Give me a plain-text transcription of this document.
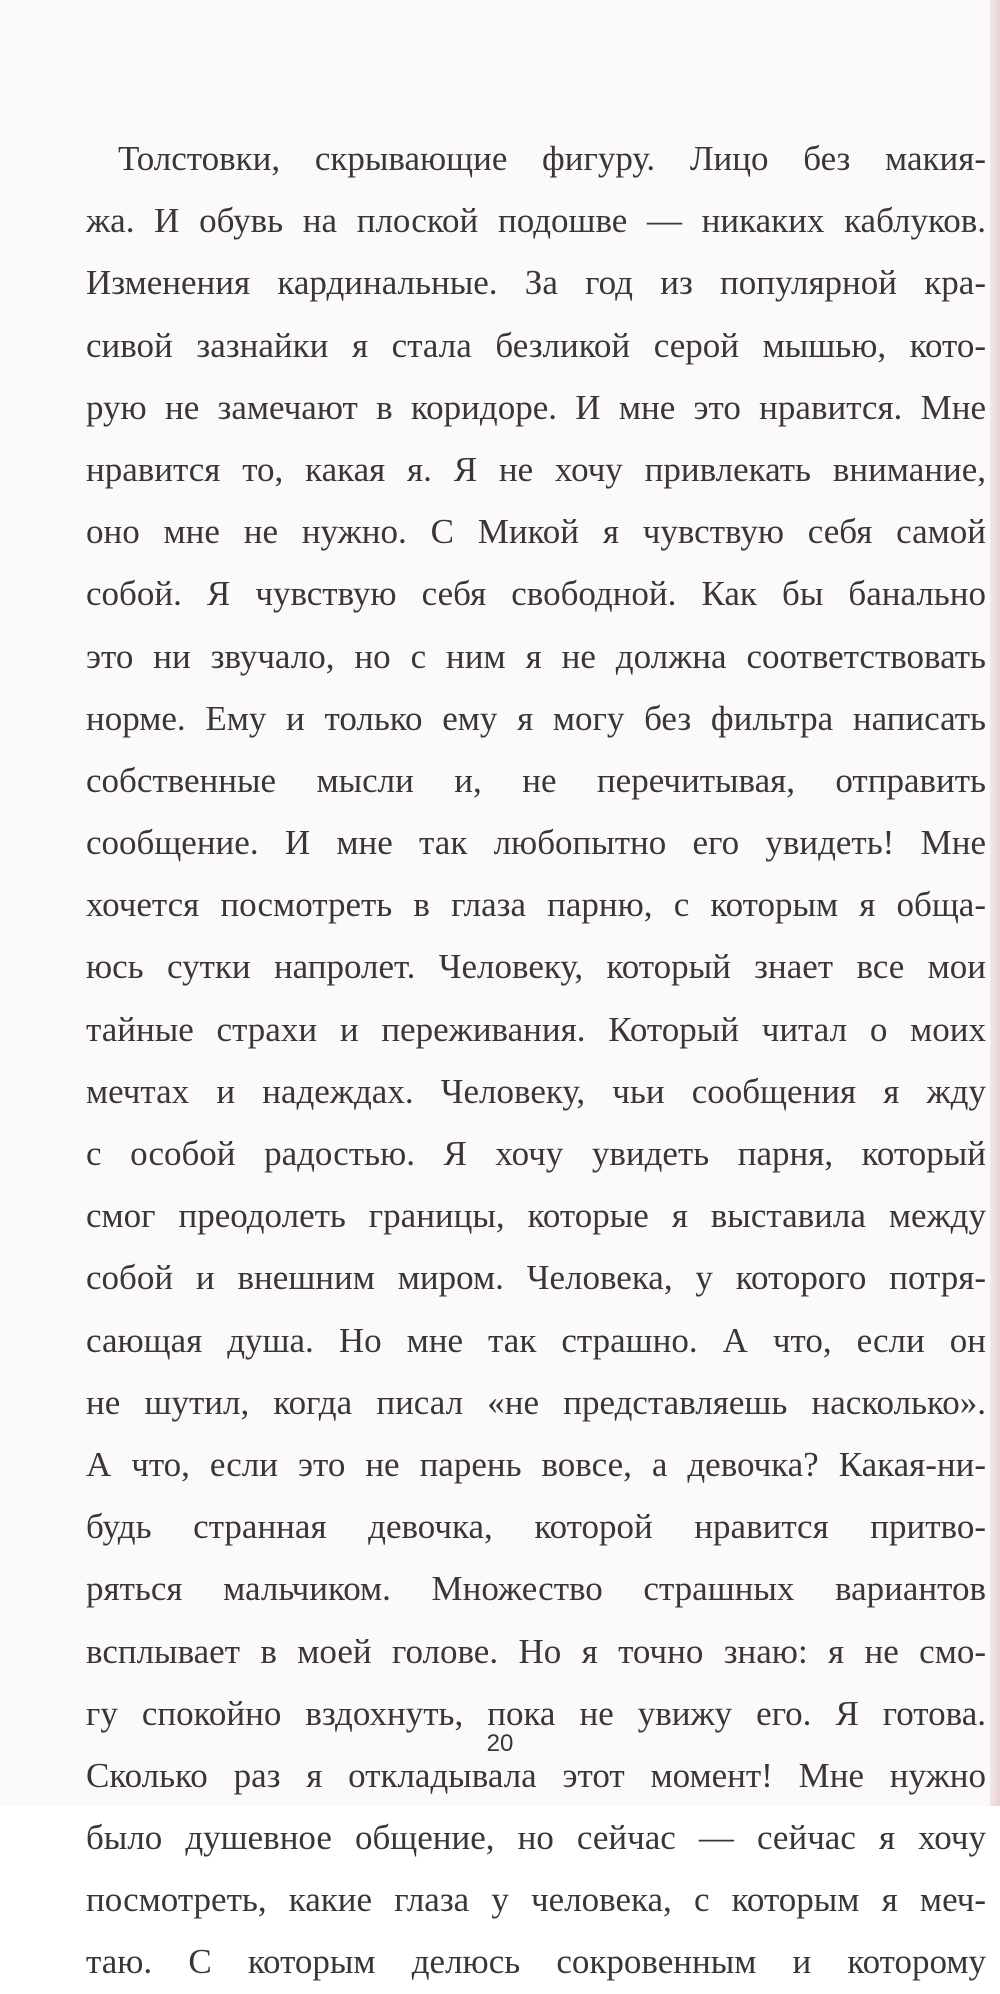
Толстовки, скрывающие фигуру. Лицо без макия-
жа. И обувь на плоской подошве — никаких каблуков.
Изменения кардинальные. За год из популярной кра-
сивой зазнайки я стала безликой серой мышью, кото-
рую не замечают в коридоре. И мне это нравится. Мне
нравится то, какая я. Я не хочу привлекать внимание,
оно мне не нужно. С Микой я чувствую себя самой
собой. Я чувствую себя свободной. Как бы банально
это ни звучало, но с ним я не должна соответствовать
норме. Ему и только ему я могу без фильтра написать
собственные мысли и, не перечитывая, отправить
сообщение. И мне так любопытно его увидеть! Мне
хочется посмотреть в глаза парню, с которым я обща-
юсь сутки напролет. Человеку, который знает все мои
тайные страхи и переживания. Который читал о моих
мечтах и надеждах. Человеку, чьи сообщения я жду
с особой радостью. Я хочу увидеть парня, который
смог преодолеть границы, которые я выставила между
собой и внешним миром. Человека, у которого потря-
сающая душа. Но мне так страшно. А что, если он
не шутил, когда писал «не представляешь насколько».
А что, если это не парень вовсе, а девочка? Какая-ни-
будь странная девочка, которой нравится притво-
ряться мальчиком. Множество страшных вариантов
всплывает в моей голове. Но я точно знаю: я не смо-
гу спокойно вздохнуть, пока не увижу его. Я готова.
Сколько раз я откладывала этот момент! Мне нужно
было душевное общение, но сейчас — сейчас я хочу
посмотреть, какие глаза у человека, с которым я меч-
таю. С которым делюсь сокровенным и которому
20
